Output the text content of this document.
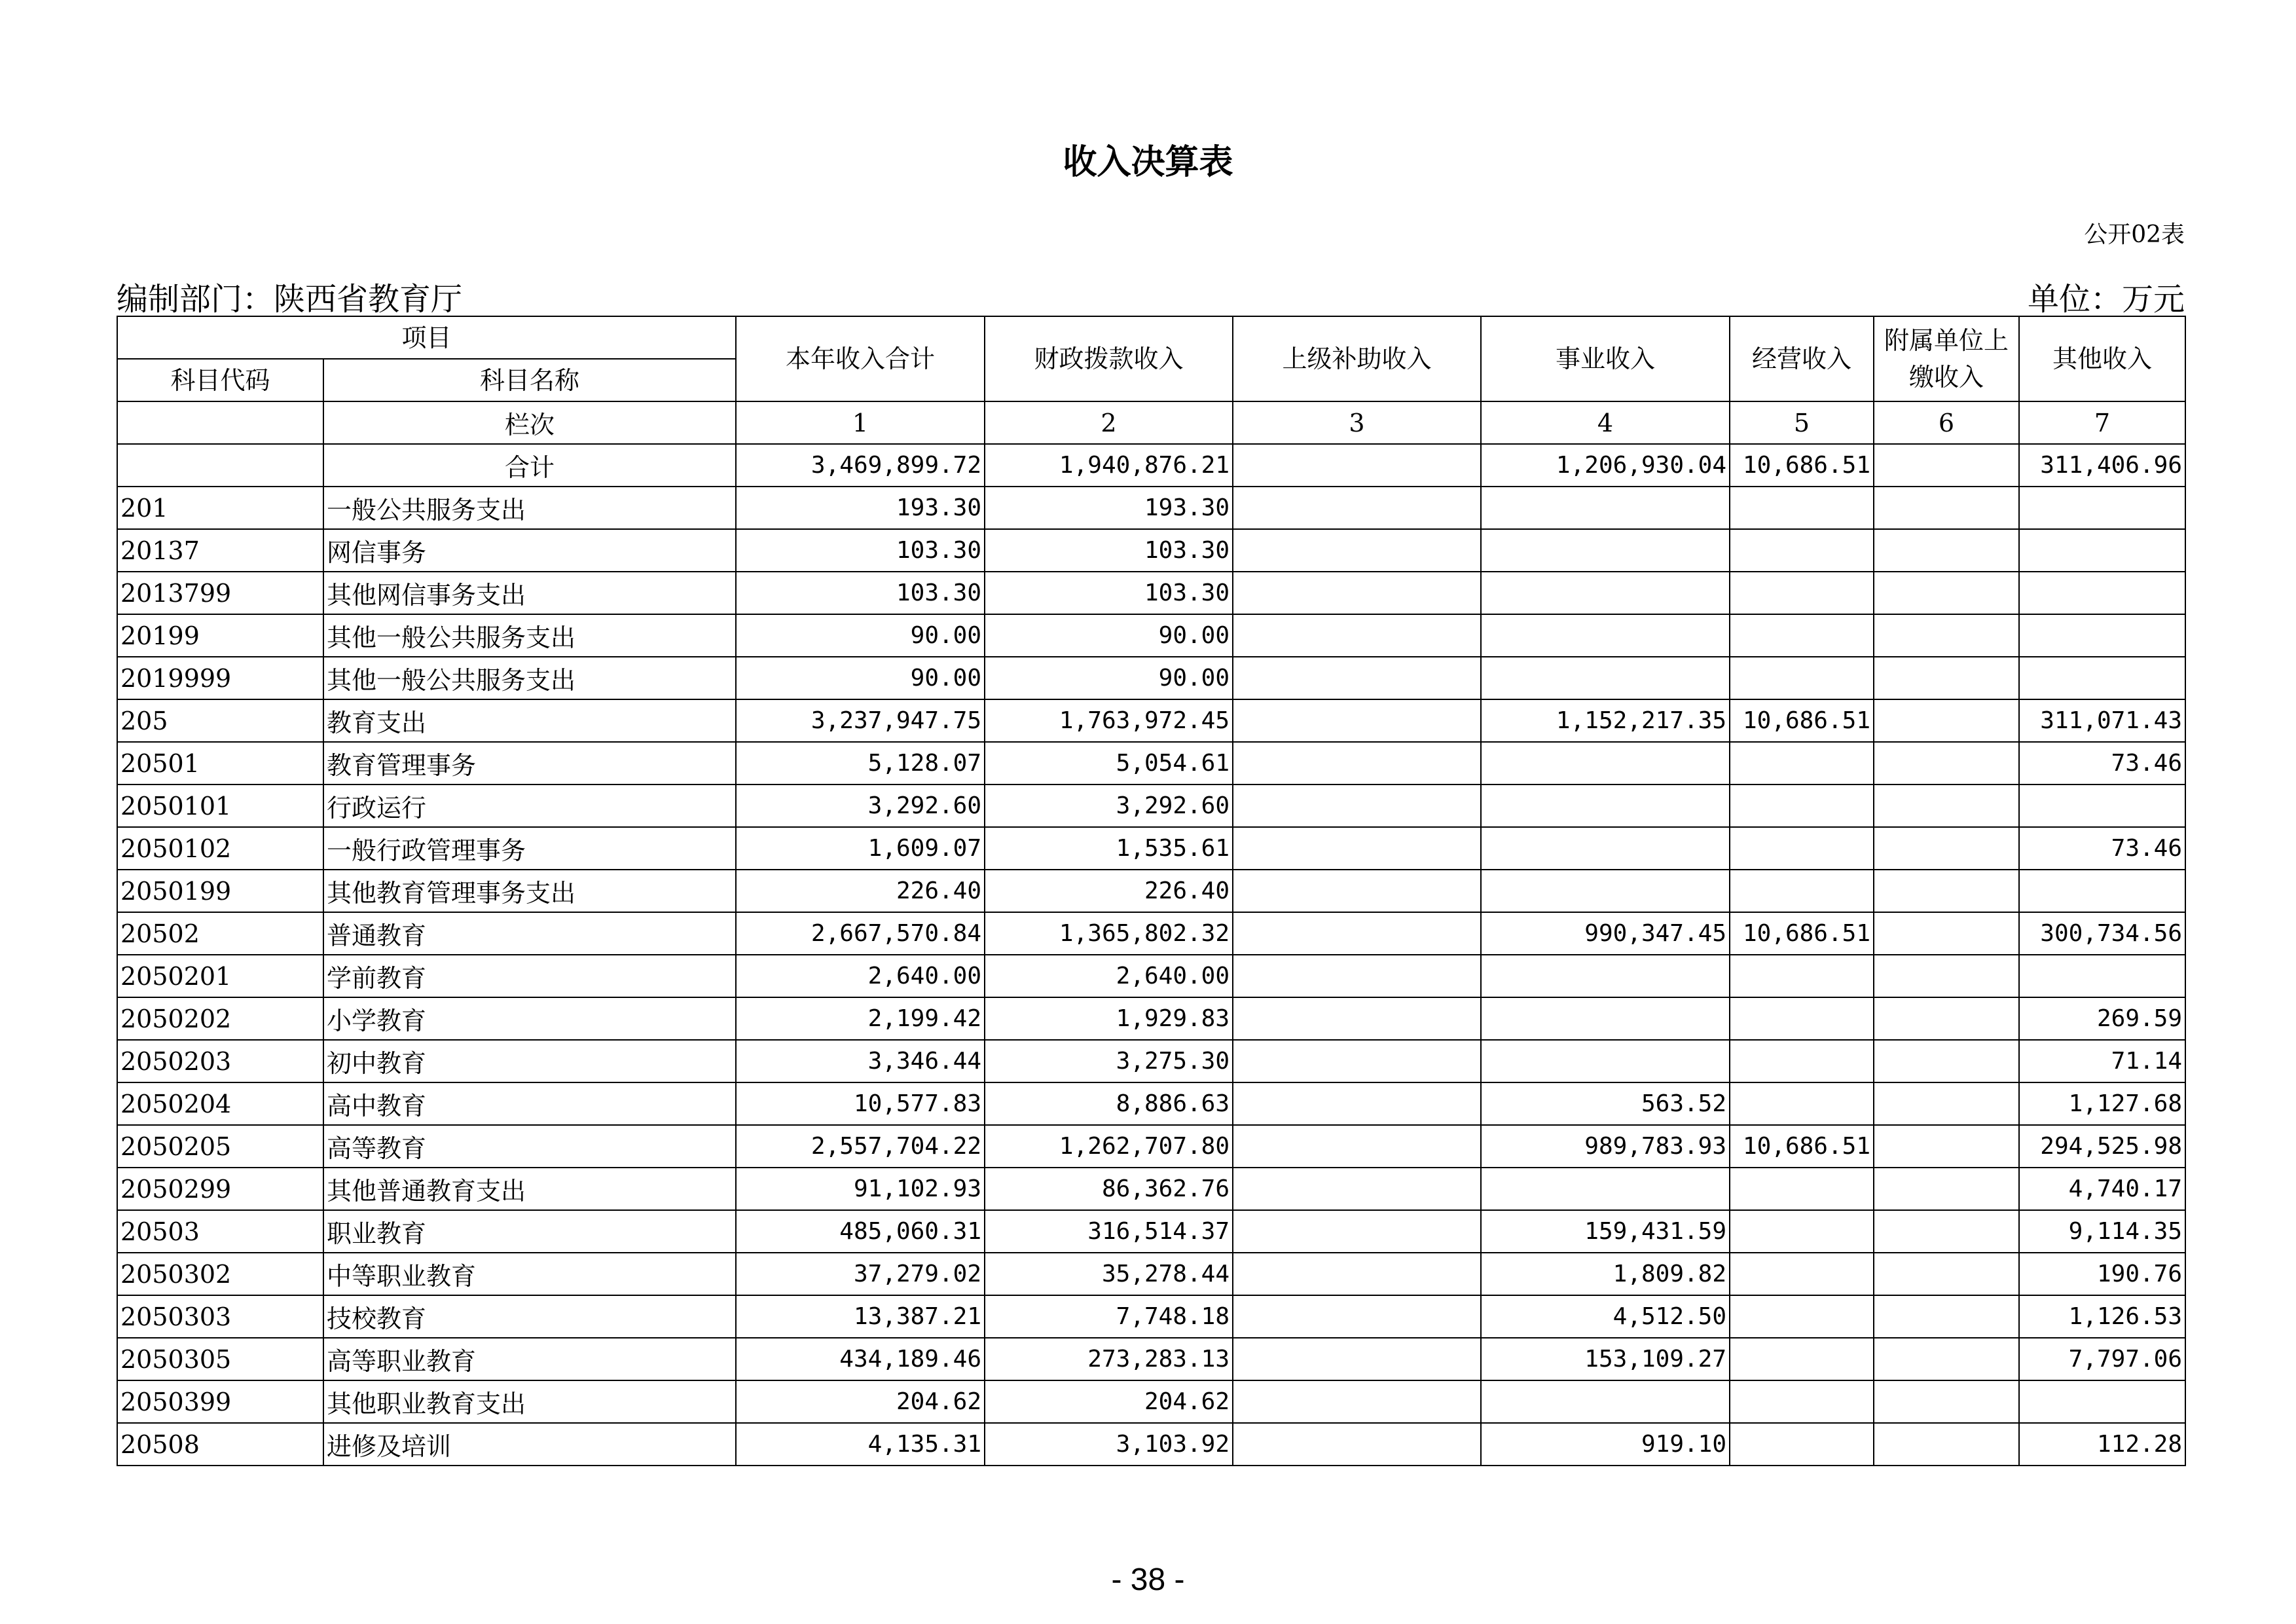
收入决算表
公开02表
编制部门：陕西省教育厅	单位：万元
项目		本年收入合计	财政拨款收入	上级补助收入	事业收入	经营收入	附属单位上缴收入	其他收入
科目代码	科目名称							
	栏次	1	2	3	4	5	6	7
	合计	3,469,899.72	1,940,876.21		1,206,930.04	10,686.51		311,406.96
201	一般公共服务支出	193.30	193.30					
20137	网信事务	103.30	103.30					
2013799	其他网信事务支出	103.30	103.30					
20199	其他一般公共服务支出	90.00	90.00					
2019999	其他一般公共服务支出	90.00	90.00					
205	教育支出	3,237,947.75	1,763,972.45		1,152,217.35	10,686.51		311,071.43
20501	教育管理事务	5,128.07	5,054.61					73.46
2050101	行政运行	3,292.60	3,292.60					
2050102	一般行政管理事务	1,609.07	1,535.61					73.46
2050199	其他教育管理事务支出	226.40	226.40					
20502	普通教育	2,667,570.84	1,365,802.32		990,347.45	10,686.51		300,734.56
2050201	学前教育	2,640.00	2,640.00					
2050202	小学教育	2,199.42	1,929.83					269.59
2050203	初中教育	3,346.44	3,275.30					71.14
2050204	高中教育	10,577.83	8,886.63		563.52			1,127.68
2050205	高等教育	2,557,704.22	1,262,707.80		989,783.93	10,686.51		294,525.98
2050299	其他普通教育支出	91,102.93	86,362.76					4,740.17
20503	职业教育	485,060.31	316,514.37		159,431.59			9,114.35
2050302	中等职业教育	37,279.02	35,278.44		1,809.82			190.76
2050303	技校教育	13,387.21	7,748.18		4,512.50			1,126.53
2050305	高等职业教育	434,189.46	273,283.13		153,109.27			7,797.06
2050399	其他职业教育支出	204.62	204.62					
20508	进修及培训	4,135.31	3,103.92		919.10			112.28
- 38 -
